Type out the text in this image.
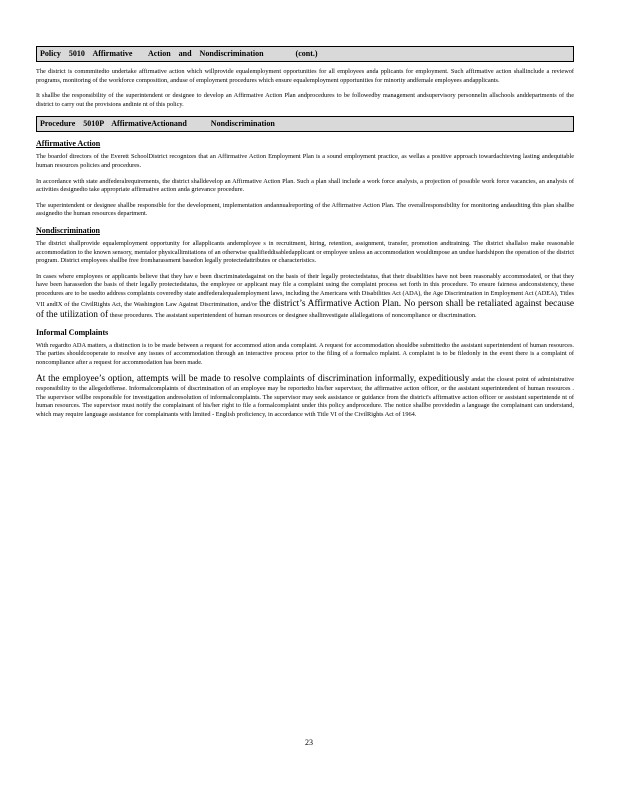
Policy    5010    Affirmative        Action    and    Nondiscrimination                (cont.)

The district is commmitedto undertake affirmative action which willprovide equalemployment opportunities for all employees anda pplicants for employment. Such affirmative action shallinclude a reviewof programs, monitoring of the workforce composition, anduse of employment procedures which ensure equalemployment opportunities for minority andfemale employees andapplicants.

It shallbe the responsibility of the superintendent or designee to develop an Affirmative Action Plan andprocedures to be followedby management andsupervisory personnelin allschools anddepartments of the district to carry out the provisions andinte nt of this policy.

Procedure    5010P    AffirmativeActionand            Nondiscrimination
Affirmative Action

The boardof directors of the Everett SchoolDistrict recognizes that an Affirmative Action Employment Plan is a sound employment practice, as wellas a positive approach towardachieving lasting andequitable human resources policies and procedures.

In accordance with state andfederalrequirements, the district shalldevelop an Affirmative Action Plan. Such a plan shall include a work force analysis, a projection of possible work force vacancies, an analysis of activities designedto take appropriate affirmative action anda grievance procedure.

The superintendent or designee shallbe responsible for the development, implementation andannualreporting of the Affirmative Action Plan. The overallresponsibility for monitoring andauditing this plan shallbe assignedto the human resources department.

Nondiscrimination

The district shallprovide equalemployment opportunity for allapplicants andemployee s in recruitment, hiring, retention, assignment, transfer, promotion andtraining. The district shallalso make reasonable accommodation to the known sensory, mentalor physicallimitations of an otherwise qualifieddisabledapplicant or employee unless an accommodation wouldimpose an undue hardshipon the operation of the district program. District employees shallbe free fromharassment basedon legally protectedattributes or characteristics.

In cases where employees or applicants believe that they hav e been discriminatedagainst on the basis of their legally protectedstatus, that their disabilities have not been reasonably accommodated, or that they have been harassedon the basis of their legally protectedstatus, the employee or applicant may file a complaint using the complaint process set forth in this procedure. To ensure fairness andconsistency, these procedures are to be usedto address complaints coveredby state andfederalequalemployment laws, including the Americans with Disabilities Act (ADA), the Age Discrimination in Employment Act (ADEA), Titles VII andIX of the CivilRights Act, the Washington Law Against Discrimination, and/or the district’s Affirmative Action Plan. No person shall be retaliated against because of the utilization of these procedures. The assistant superintendent of human resources or designee shallinvestigate allallegations of noncompliance or discrimination.

Informal Complaints

With regardto ADA matters, a distinction is to be made between a request for accommod ation anda complaint. A request for accommodation shouldbe submittedto the assistant superintendent of human resources. The parties shouldcooperate to resolve any issues of accommodation through an interactive process prior to the filing of a formalco mplaint. A complaint is to be filedonly in the event there is a complaint of noncompliance after a request for accommodation has been made.

At the employee’s option, attempts will be made to resolve complaints of discrimination informally, expeditiously andat the closest point of administrative responsibility to the allegedoffense. Informalcomplaints of discrimination of an employee may be reportedto his/her supervisor, the affirmative action officer, or the assistant superintendent of human resources . The supervisor willbe responsible for investigation andresolution of informalcomplaints. The supervisor may seek assistance or guidance from the district's affirmative action officer or assistant superintende nt of human resources. The supervisor must notify the complainant of his/her right to file a formalcomplaint under this policy andprocedure. The notice shallbe providedin a language the complainant can understand, which may require language assistance for complainants with limited - English proficiency, in accordance with Title VI of the CivilRights Act of 1964.

23
